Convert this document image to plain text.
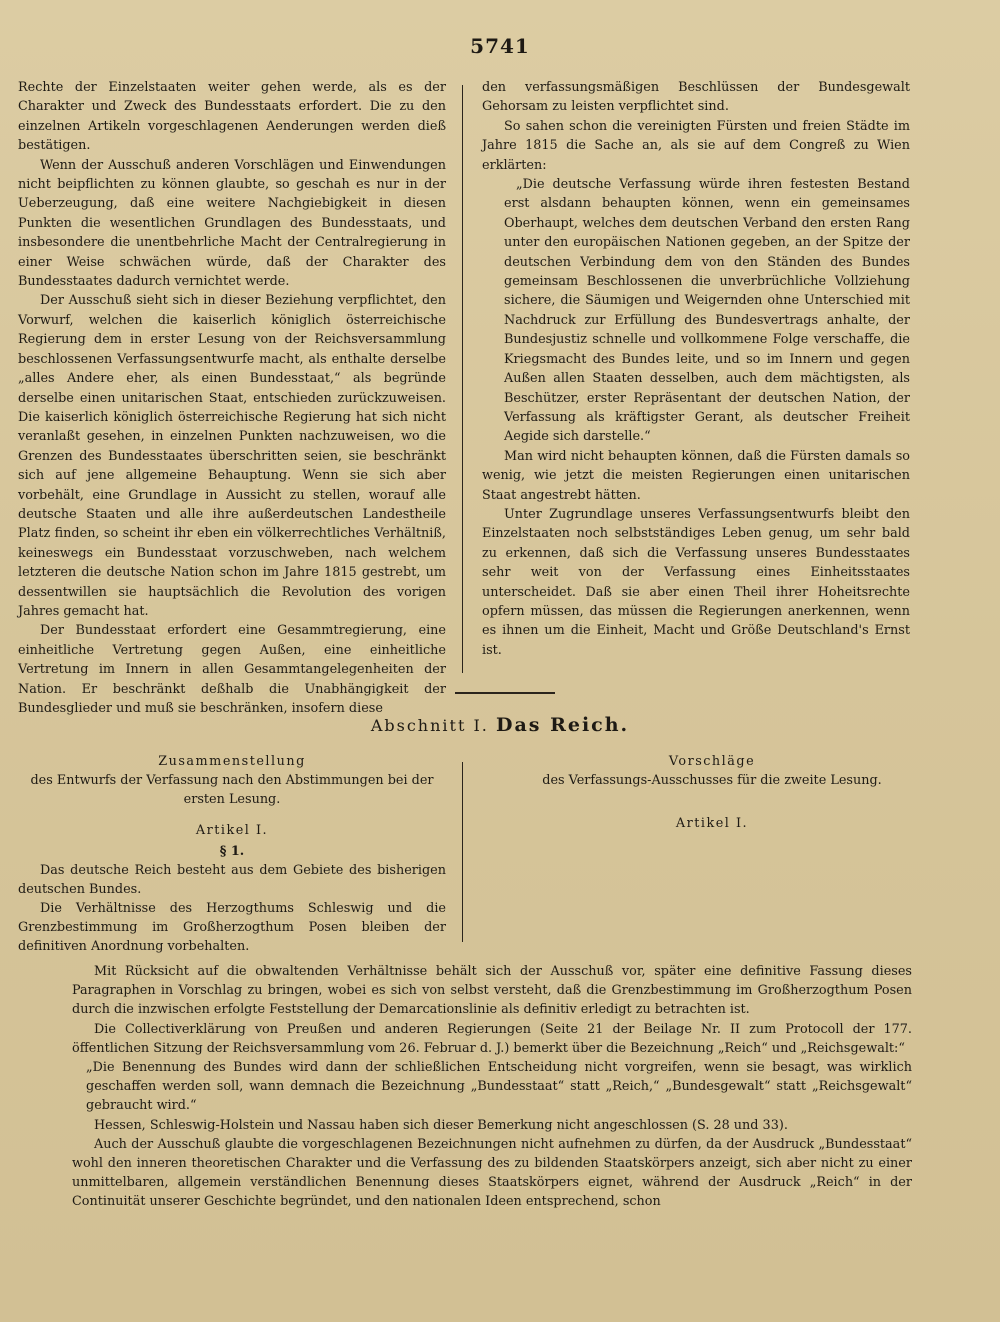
5741

Rechte der Einzelstaaten weiter gehen werde, als es der Charakter und Zweck des Bundesstaats erfordert. Die zu den einzelnen Artikeln vorgeschlagenen Aenderungen werden dieß bestätigen.

Wenn der Ausschuß anderen Vorschlägen und Einwendungen nicht beipflichten zu können glaubte, so geschah es nur in der Ueberzeugung, daß eine weitere Nachgiebigkeit in diesen Punkten die wesentlichen Grundlagen des Bundesstaats, und insbesondere die unentbehrliche Macht der Centralregierung in einer Weise schwächen würde, daß der Charakter des Bundesstaates dadurch vernichtet werde.

Der Ausschuß sieht sich in dieser Beziehung verpflichtet, den Vorwurf, welchen die kaiserlich königlich österreichische Regierung dem in erster Lesung von der Reichsversammlung beschlossenen Verfassungsentwurfe macht, als enthalte derselbe „alles Andere eher, als einen Bundesstaat,“ als begründe derselbe einen unitarischen Staat, entschieden zurückzuweisen. Die kaiserlich königlich österreichische Regierung hat sich nicht veranlaßt gesehen, in einzelnen Punkten nachzuweisen, wo die Grenzen des Bundesstaates überschritten seien, sie beschränkt sich auf jene allgemeine Behauptung. Wenn sie sich aber vorbehält, eine Grundlage in Aussicht zu stellen, worauf alle deutsche Staaten und alle ihre außerdeutschen Landestheile Platz finden, so scheint ihr eben ein völkerrechtliches Verhältniß, keineswegs ein Bundesstaat vorzuschweben, nach welchem letzteren die deutsche Nation schon im Jahre 1815 gestrebt, um dessentwillen sie hauptsächlich die Revolution des vorigen Jahres gemacht hat.

Der Bundesstaat erfordert eine Gesammtregierung, eine einheitliche Vertretung gegen Außen, eine einheitliche Vertretung im Innern in allen Gesammtangelegenheiten der Nation. Er beschränkt deßhalb die Unabhängigkeit der Bundesglieder und muß sie beschränken, insofern diese

den verfassungsmäßigen Beschlüssen der Bundesgewalt Gehorsam zu leisten verpflichtet sind.

So sahen schon die vereinigten Fürsten und freien Städte im Jahre 1815 die Sache an, als sie auf dem Congreß zu Wien erklärten:

„Die deutsche Verfassung würde ihren festesten Bestand erst alsdann behaupten können, wenn ein gemeinsames Oberhaupt, welches dem deutschen Verband den ersten Rang unter den europäischen Nationen gegeben, an der Spitze der deutschen Verbindung dem von den Ständen des Bundes gemeinsam Beschlossenen die unverbrüchliche Vollziehung sichere, die Säumigen und Weigernden ohne Unterschied mit Nachdruck zur Erfüllung des Bundesvertrags anhalte, der Bundesjustiz schnelle und vollkommene Folge verschaffe, die Kriegsmacht des Bundes leite, und so im Innern und gegen Außen allen Staaten desselben, auch dem mächtigsten, als Beschützer, erster Repräsentant der deutschen Nation, der Verfassung als kräftigster Gerant, als deutscher Freiheit Aegide sich darstelle.“

Man wird nicht behaupten können, daß die Fürsten damals so wenig, wie jetzt die meisten Regierungen einen unitarischen Staat angestrebt hätten.

Unter Zugrundlage unseres Verfassungsentwurfs bleibt den Einzelstaaten noch selbstständiges Leben genug, um sehr bald zu erkennen, daß sich die Verfassung unseres Bundesstaates sehr weit von der Verfassung eines Einheitsstaates unterscheidet. Daß sie aber einen Theil ihrer Hoheitsrechte opfern müssen, das müssen die Regierungen anerkennen, wenn es ihnen um die Einheit, Macht und Größe Deutschland's Ernst ist.

Abschnitt I. Das Reich.

Zusammenstellung

des Entwurfs der Verfassung nach den Abstimmungen bei der ersten Lesung.

Artikel I.

§ 1.

Das deutsche Reich besteht aus dem Gebiete des bisherigen deutschen Bundes.

Die Verhältnisse des Herzogthums Schleswig und die Grenzbestimmung im Großherzogthum Posen bleiben der definitiven Anordnung vorbehalten.

Vorschläge

des Verfassungs-Ausschusses für die zweite Lesung.

Artikel I.

Mit Rücksicht auf die obwaltenden Verhältnisse behält sich der Ausschuß vor, später eine definitive Fassung dieses Paragraphen in Vorschlag zu bringen, wobei es sich von selbst versteht, daß die Grenzbestimmung im Großherzogthum Posen durch die inzwischen erfolgte Feststellung der Demarcationslinie als definitiv erledigt zu betrachten ist.

Die Collectiverklärung von Preußen und anderen Regierungen (Seite 21 der Beilage Nr. II zum Protocoll der 177. öffentlichen Sitzung der Reichsversammlung vom 26. Februar d. J.) bemerkt über die Bezeichnung „Reich“ und „Reichsgewalt:“

„Die Benennung des Bundes wird dann der schließlichen Entscheidung nicht vorgreifen, wenn sie besagt, was wirklich geschaffen werden soll, wann demnach die Bezeichnung „Bundesstaat“ statt „Reich,“ „Bundesgewalt“ statt „Reichsgewalt“ gebraucht wird.“

Hessen, Schleswig-Holstein und Nassau haben sich dieser Bemerkung nicht angeschlossen (S. 28 und 33).

Auch der Ausschuß glaubte die vorgeschlagenen Bezeichnungen nicht aufnehmen zu dürfen, da der Ausdruck „Bundesstaat“ wohl den inneren theoretischen Charakter und die Verfassung des zu bildenden Staatskörpers anzeigt, sich aber nicht zu einer unmittelbaren, allgemein verständlichen Benennung dieses Staatskörpers eignet, während der Ausdruck „Reich“ in der Continuität unserer Geschichte begründet, und den nationalen Ideen entsprechend, schon
